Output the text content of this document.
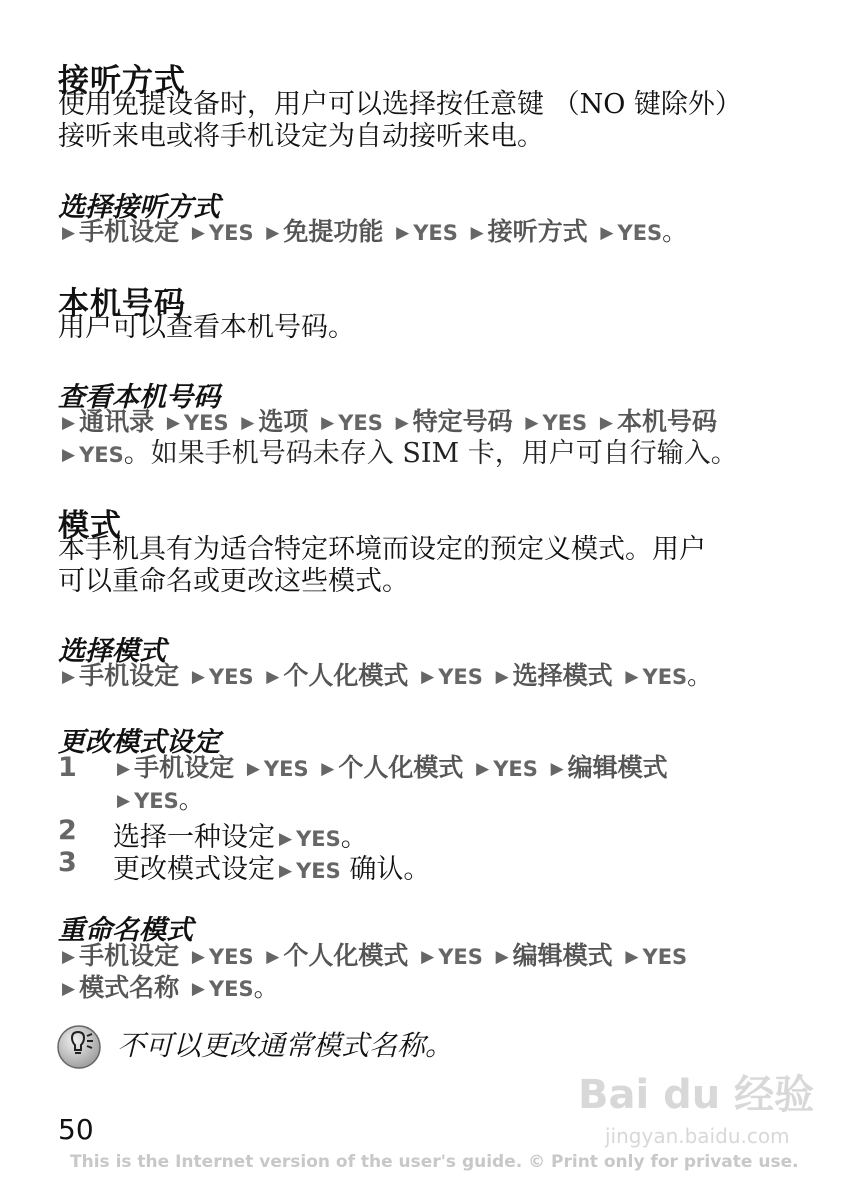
接听方式
使用免提设备时，用户可以选择按任意键 （NO 键除外）
接听来电或将手机设定为自动接听来电。
选择接听方式
▶ 手机设定 ▶ YES ▶ 免提功能 ▶ YES ▶ 接听方式 ▶ YES。
本机号码
用户可以查看本机号码。
查看本机号码
▶ 通讯录 ▶ YES ▶ 选项 ▶ YES ▶ 特定号码 ▶ YES ▶ 本机号码
▶ YES。如果手机号码未存入 SIM 卡，用户可自行输入。
模式
本手机具有为适合特定环境而设定的预定义模式。用户
可以重命名或更改这些模式。
选择模式
▶ 手机设定 ▶ YES ▶ 个人化模式 ▶ YES ▶ 选择模式 ▶ YES。
更改模式设定
1 ▶ 手机设定 ▶ YES ▶ 个人化模式 ▶ YES ▶ 编辑模式
▶ YES。
2 选择一种设定 ▶ YES。
3 更改模式设定 ▶ YES 确认。
重命名模式
▶ 手机设定 ▶ YES ▶ 个人化模式 ▶ YES ▶ 编辑模式 ▶ YES
▶ 模式名称 ▶ YES。
不可以更改通常模式名称。
Bai du 经验
jingyan.baidu.com
50
This is the Internet version of the user's guide. © Print only for private use.
